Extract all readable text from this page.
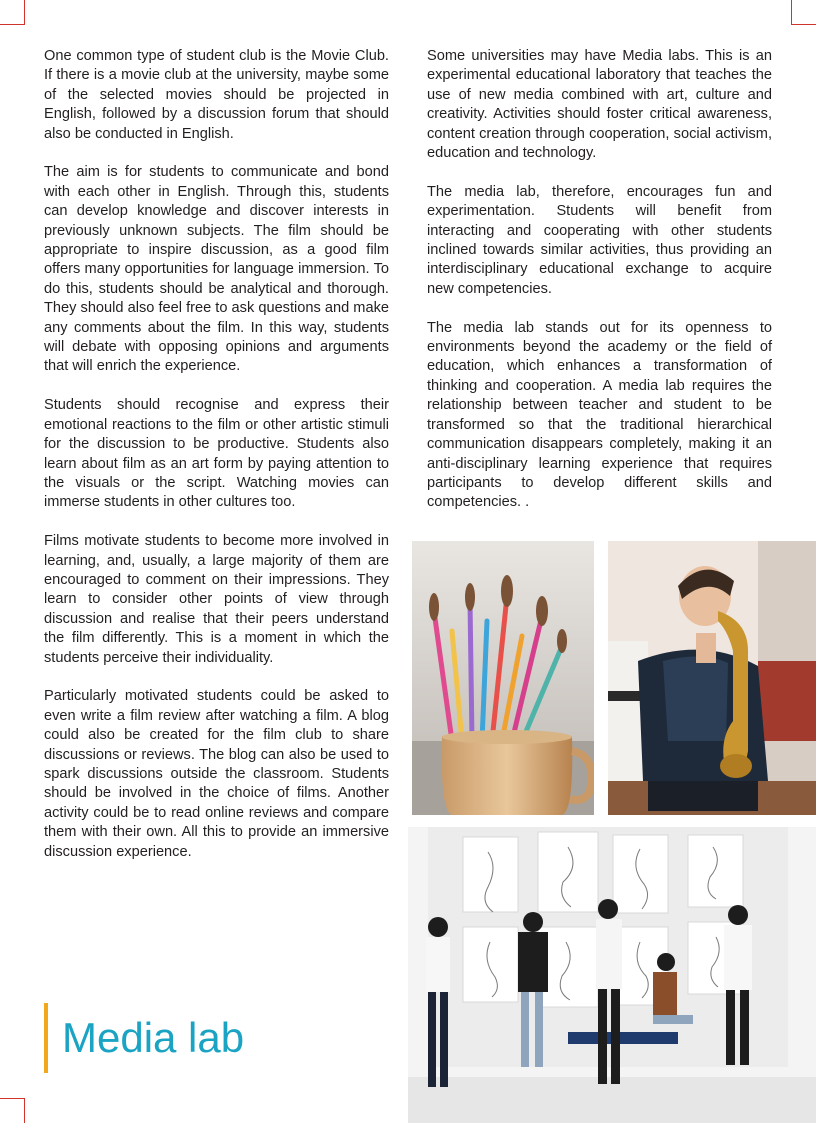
One common type of student club is the Movie Club. If there is a movie club at the university, maybe some of the selected movies should be projected in English, followed by a discussion forum that should also be conducted in English.

The aim is for students to communicate and bond with each other in English. Through this, students can develop knowledge and discover interests in previously unknown subjects. The film should be appropriate to inspire discussion, as a good film offers many opportunities for language immersion. To do this, students should be analytical and thorough. They should also feel free to ask questions and make any comments about the film. In this way, students will debate with opposing opinions and arguments that will enrich the experience.

Students should recognise and express their emotional reactions to the film or other artistic stimuli for the discussion to be productive. Students also learn about film as an art form by paying attention to the visuals or the script. Watching movies can immerse students in other cultures too.

Films motivate students to become more involved in learning, and, usually, a large majority of them are encouraged to comment on their impressions. They learn to consider other points of view through discussion and realise that their peers understand the film differently. This is a moment in which the students perceive their individuality.

Particularly motivated students could be asked to even write a film review after watching a film. A blog could also be created for the film club to share discussions or reviews. The blog can also be used to spark discussions outside the classroom. Students should be involved in the choice of films. Another activity could be to read online reviews and compare them with their own. All this to provide an immersive discussion experience.

Some universities may have Media labs. This is an experimental educational laboratory that teaches the use of new media combined with art, culture and creativity. Activities should foster critical awareness, content creation through cooperation, social activism, education and technology.

The media lab, therefore, encourages fun and experimentation. Students will benefit from interacting and cooperating with other students inclined towards similar activities, thus providing an interdisciplinary educational exchange to acquire new competencies.

The media lab stands out for its openness to environments beyond the academy or the field of education, which enhances a transformation of thinking and cooperation. A media lab requires the relationship between teacher and student to be transformed so that the traditional hierarchical communication disappears completely, making it an anti-disciplinary learning experience that requires participants to develop different skills and competencies. .

Media lab
